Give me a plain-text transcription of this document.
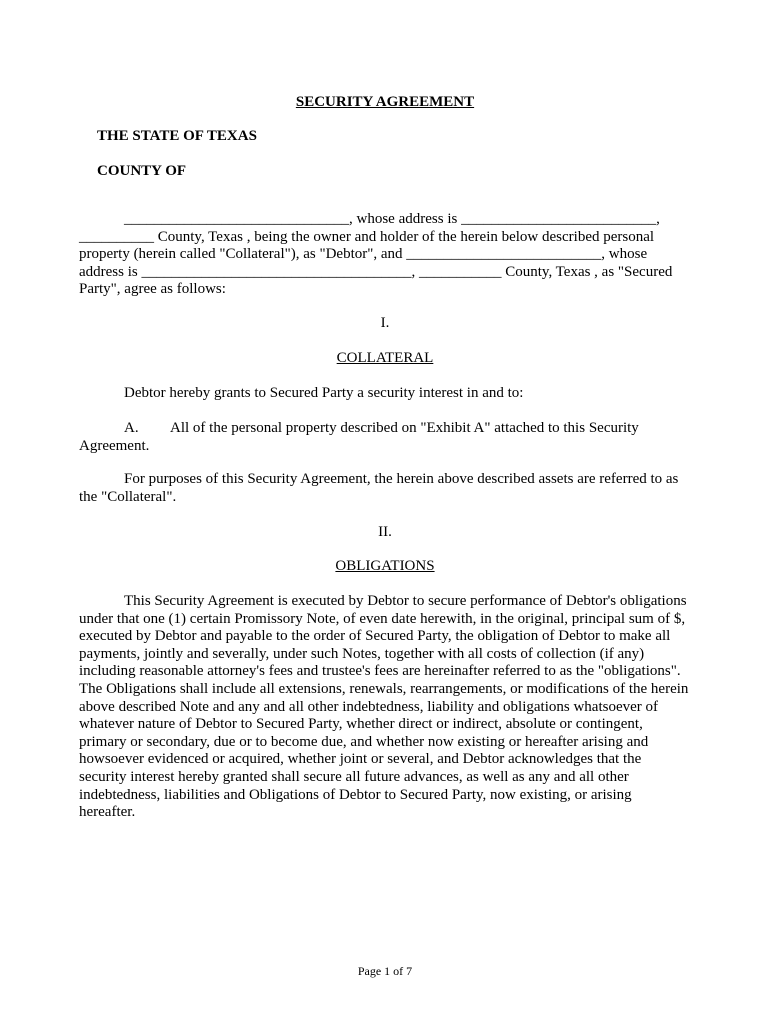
SECURITY AGREEMENT
THE STATE OF TEXAS
COUNTY OF

______________________________, whose address is __________________________, __________ County, Texas , being the owner and holder of the herein below described personal property (herein called "Collateral"), as "Debtor", and __________________________, whose address is ____________________________________, ___________ County, Texas , as "Secured Party", agree as follows:

I.
COLLATERAL

Debtor hereby grants to Secured Party a security interest in and to:

A. All of the personal property described on "Exhibit A" attached to this Security Agreement.

For purposes of this Security Agreement, the herein above described assets are referred to as the "Collateral".

II.
OBLIGATIONS

This Security Agreement is executed by Debtor to secure performance of Debtor's obligations under that one (1) certain Promissory Note, of even date herewith, in the original, principal sum of $, executed by Debtor and payable to the order of Secured Party, the obligation of Debtor to make all payments, jointly and severally, under such Notes, together with all costs of collection (if any) including reasonable attorney's fees and trustee's fees are hereinafter referred to as the "obligations". The Obligations shall include all extensions, renewals, rearrangements, or modifications of the herein above described Note and any and all other indebtedness, liability and obligations whatsoever of whatever nature of Debtor to Secured Party, whether direct or indirect, absolute or contingent, primary or secondary, due or to become due, and whether now existing or hereafter arising and howsoever evidenced or acquired, whether joint or several, and Debtor acknowledges that the security interest hereby granted shall secure all future advances, as well as any and all other indebtedness, liabilities and Obligations of Debtor to Secured Party, now existing, or arising hereafter.

Page 1 of 7
